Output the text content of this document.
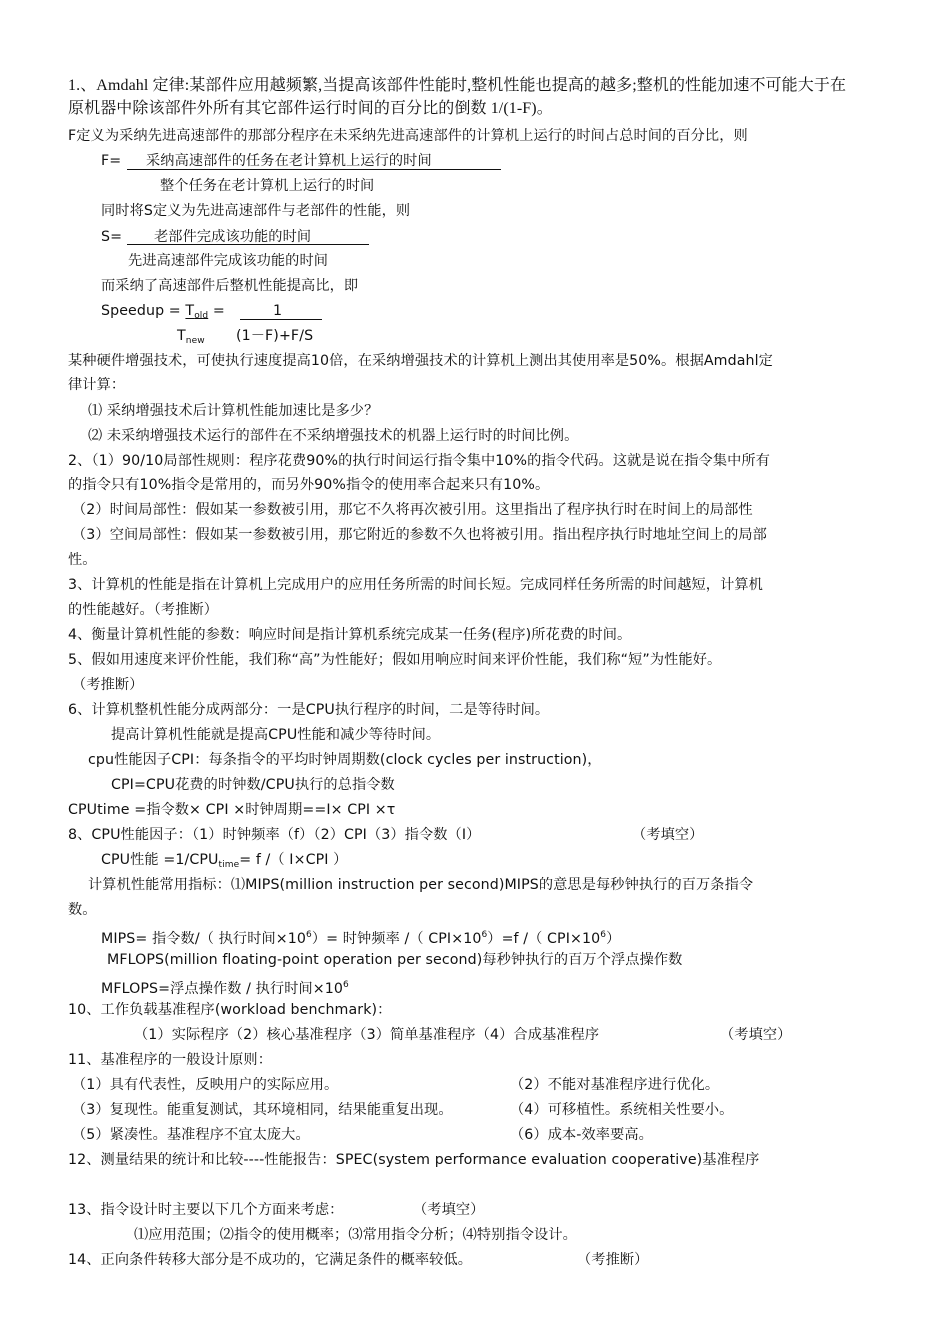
1.、Amdahl 定律:某部件应用越频繁,当提高该部件性能时,整机性能也提高的越多;整机的性能加速不可能大于在
原机器中除该部件外所有其它部件运行时间的百分比的倒数 1/(1-F)。
F定义为采纳先进高速部件的那部分程序在未采纳先进高速部件的计算机上运行的时间占总时间的百分比，则
F= 采纳高速部件的任务在老计算机上运行的时间
整个任务在老计算机上运行的时间
同时将S定义为先进高速部件与老部件的性能，则
S= 老部件完成该功能的时间
先进高速部件完成该功能的时间
而采纳了高速部件后整机性能提高比，即
Speedup = $T_{old}$ =	1
$T_{new}$ (1－F)+F/S
某种硬件增强技术，可使执行速度提高10倍，在采纳增强技术的计算机上测出其使用率是50%。根据Amdahl定
律计算：
⑴ 采纳增强技术后计算机性能加速比是多少？
⑵ 未采纳增强技术运行的部件在不采纳增强技术的机器上运行时的时间比例。
2、（1）90/10局部性规则：程序花费90%的执行时间运行指令集中10%的指令代码。这就是说在指令集中所有
的指令只有10%指令是常用的，而另外90%指令的使用率合起来只有10%。
（2）时间局部性：假如某一参数被引用，那它不久将再次被引用。这里指出了程序执行时在时间上的局部性
（3）空间局部性：假如某一参数被引用，那它附近的参数不久也将被引用。指出程序执行时地址空间上的局部
性。
3、计算机的性能是指在计算机上完成用户的应用任务所需的时间长短。完成同样任务所需的时间越短，计算机
的性能越好。（考推断）
4、衡量计算机性能的参数：响应时间是指计算机系统完成某一任务(程序)所花费的时间。
5、假如用速度来评价性能，我们称“高”为性能好；假如用响应时间来评价性能，我们称“短”为性能好。
（考推断）
6、计算机整机性能分成两部分：一是CPU执行程序的时间，二是等待时间。
提高计算机性能就是提高CPU性能和减少等待时间。
cpu性能因子CPI：每条指令的平均时钟周期数(clock cycles per instruction)，
CPI=CPU花费的时钟数/CPU执行的总指令数
CPUtime =指令数× CPI ×时钟周期==I× CPI ×τ
8、CPU性能因子：（1）时钟频率（f）（2）CPI（3）指令数（I）	（考填空）
CPU性能 $=1/CPU_{time}= f$ /（ I×CPI ）
计算机性能常用指标：⑴MIPS(million instruction per second)MIPS的意思是每秒钟执行的百万条指令
数。
MIPS= 指令数/（ 执行时间$\times 10^6)=$ 时钟频率 /（ $CPI\times 10^6)=f$ /（ $CPI\times 10^6$）
MFLOPS(million floating-point operation per second)每秒钟执行的百万个浮点操作数
MFLOPS=浮点操作数 / 执行时间$\times 10^6$
10、工作负载基准程序(workload benchmark)：
（1）实际程序（2）核心基准程序（3）简单基准程序（4）合成基准程序	（考填空）
11、基准程序的一般设计原则：
（1）具有代表性，反映用户的实际应用。	（2）不能对基准程序进行优化。
（3）复现性。能重复测试，其环境相同，结果能重复出现。	（4）可移植性。系统相关性要小。
（5）紧凑性。基准程序不宜太庞大。	（6）成本-效率要高。
12、测量结果的统计和比较----性能报告：SPEC(system performance evaluation cooperative)基准程序
13、指令设计时主要以下几个方面来考虑：	（考填空）
⑴应用范围；⑵指令的使用概率；⑶常用指令分析；⑷特别指令设计。
14、正向条件转移大部分是不成功的，它满足条件的概率较低。	（考推断）
